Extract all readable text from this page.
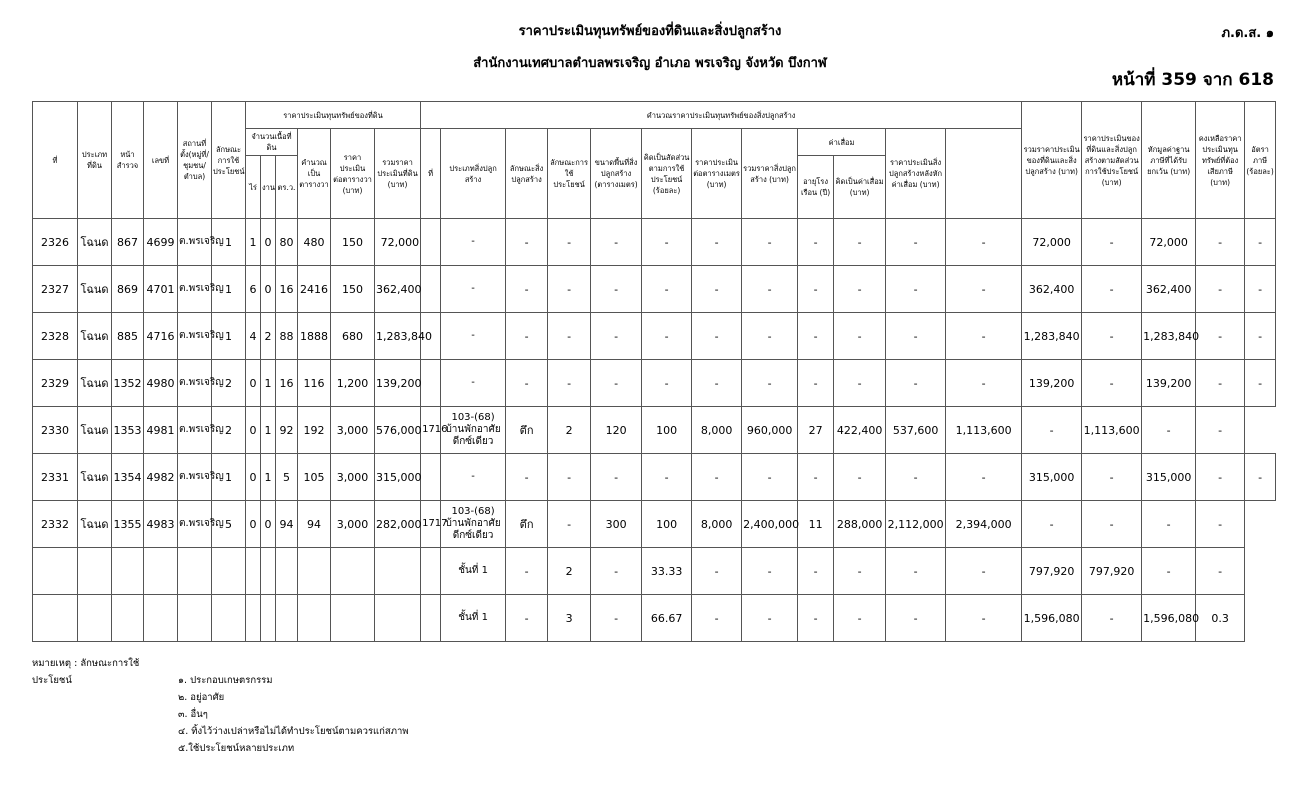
ราคาประเมินทุนทรัพย์ของที่ดินและสิ่งปลูกสร้าง	ภ.ด.ส. ๑
สำนักงานเทศบาลตำบลพรเจริญ อำเภอ พรเจริญ จังหวัด บึงกาฬ
หน้าที่ 359 จาก 618
ที่	ประเภทที่ดิน	หน้าสำรวจ	เลขที่	สถานที่ตั้ง(หมู่ที่/ชุมชน/ตำบล)	ลักษณะการใช้ประโยชน์	ราคาประเมินทุนทรัพย์ของที่ดิน						คำนวณราคาประเมินทุนทรัพย์ของสิ่งปลูกสร้าง												รวมราคาประเมินของที่ดินและสิ่งปลูกสร้าง (บาท)	ราคาประเมินของที่ดินและสิ่งปลูกสร้างตามสัดส่วนการใช้ประโยชน์ (บาท)	หักมูลค่าฐานภาษีที่ได้รับยกเว้น (บาท)	คงเหลือราคาประเมินทุนทรัพย์ที่ต้องเสียภาษี (บาท)	อัตราภาษี (ร้อยละ)
						จำนวนเนื้อที่ดิน			คำนวณเป็นตารางวา	ราคาประเมินต่อตารางวา (บาท)	รวมราคาประเมินที่ดิน (บาท)	ที่	ประเภทสิ่งปลูกสร้าง	ลักษณะสิ่งปลูกสร้าง	ลักษณะการใช้ประโยชน์	ขนาดพื้นที่สิ่งปลูกสร้าง (ตารางเมตร)	คิดเป็นสัดส่วนตามการใช้ประโยชน์ (ร้อยละ)	ราคาประเมินต่อตารางเมตร (บาท)	รวมราคาสิ่งปลูกสร้าง (บาท)	ค่าเสื่อม		ราคาประเมินสิ่งปลูกสร้างหลังหักค่าเสื่อม (บาท)						
						ไร่	งาน	ตร.ว.												อายุโรงเรือน (ปี)	คิดเป็นค่าเสื่อม (บาท)							
2326	โฉนด	867	4699	ต.พรเจริญ	1	1	0	80	480	150	72,000		-	-	-	-	-	-	-	-	-	-	-	72,000	-	72,000	-	-
2327	โฉนด	869	4701	ต.พรเจริญ	1	6	0	16	2416	150	362,400		-	-	-	-	-	-	-	-	-	-	-	362,400	-	362,400	-	-
2328	โฉนด	885	4716	ต.พรเจริญ	1	4	2	88	1888	680	1,283,840		-	-	-	-	-	-	-	-	-	-	-	1,283,840	-	1,283,840	-	-
2329	โฉนด	1352	4980	ต.พรเจริญ	2	0	1	16	116	1,200	139,200		-	-	-	-	-	-	-	-	-	-	-	139,200	-	139,200	-	-
2330	โฉนด	1353	4981	ต.พรเจริญ	2	0	1	92	192	3,000	576,000	1716	103-(68) บ้านพักอาศัยดีกซ์เดียว	ตึก	2	120	100	8,000	960,000	27	422,400	537,600	1,113,600	-	1,113,600	-	-	
2331	โฉนด	1354	4982	ต.พรเจริญ	1	0	1	5	105	3,000	315,000		-	-	-	-	-	-	-	-	-	-	-	315,000	-	315,000	-	-
2332	โฉนด	1355	4983	ต.พรเจริญ	5	0	0	94	94	3,000	282,000	1717	103-(68) บ้านพักอาศัยดีกซ์เดียว	ตึก	-	300	100	8,000	2,400,000	11	288,000	2,112,000	2,394,000	-	-	-	-	
													ชั้นที่ 1	-	2	-	33.33	-	-	-	-	-	-	797,920	797,920	-	-	
													ชั้นที่ 1	-	3	-	66.67	-	-	-	-	-	-	1,596,080	-	1,596,080	0.3	
หมายเหตุ : ลักษณะการใช้ประโยชน์	๑. ประกอบเกษตรกรรม
๒. อยู่อาศัย
๓. อื่นๆ
๔. ทิ้งไว้ว่างเปล่าหรือไม่ได้ทำประโยชน์ตามควรแก่สภาพ
๕.ใช้ประโยชน์หลายประเภท
